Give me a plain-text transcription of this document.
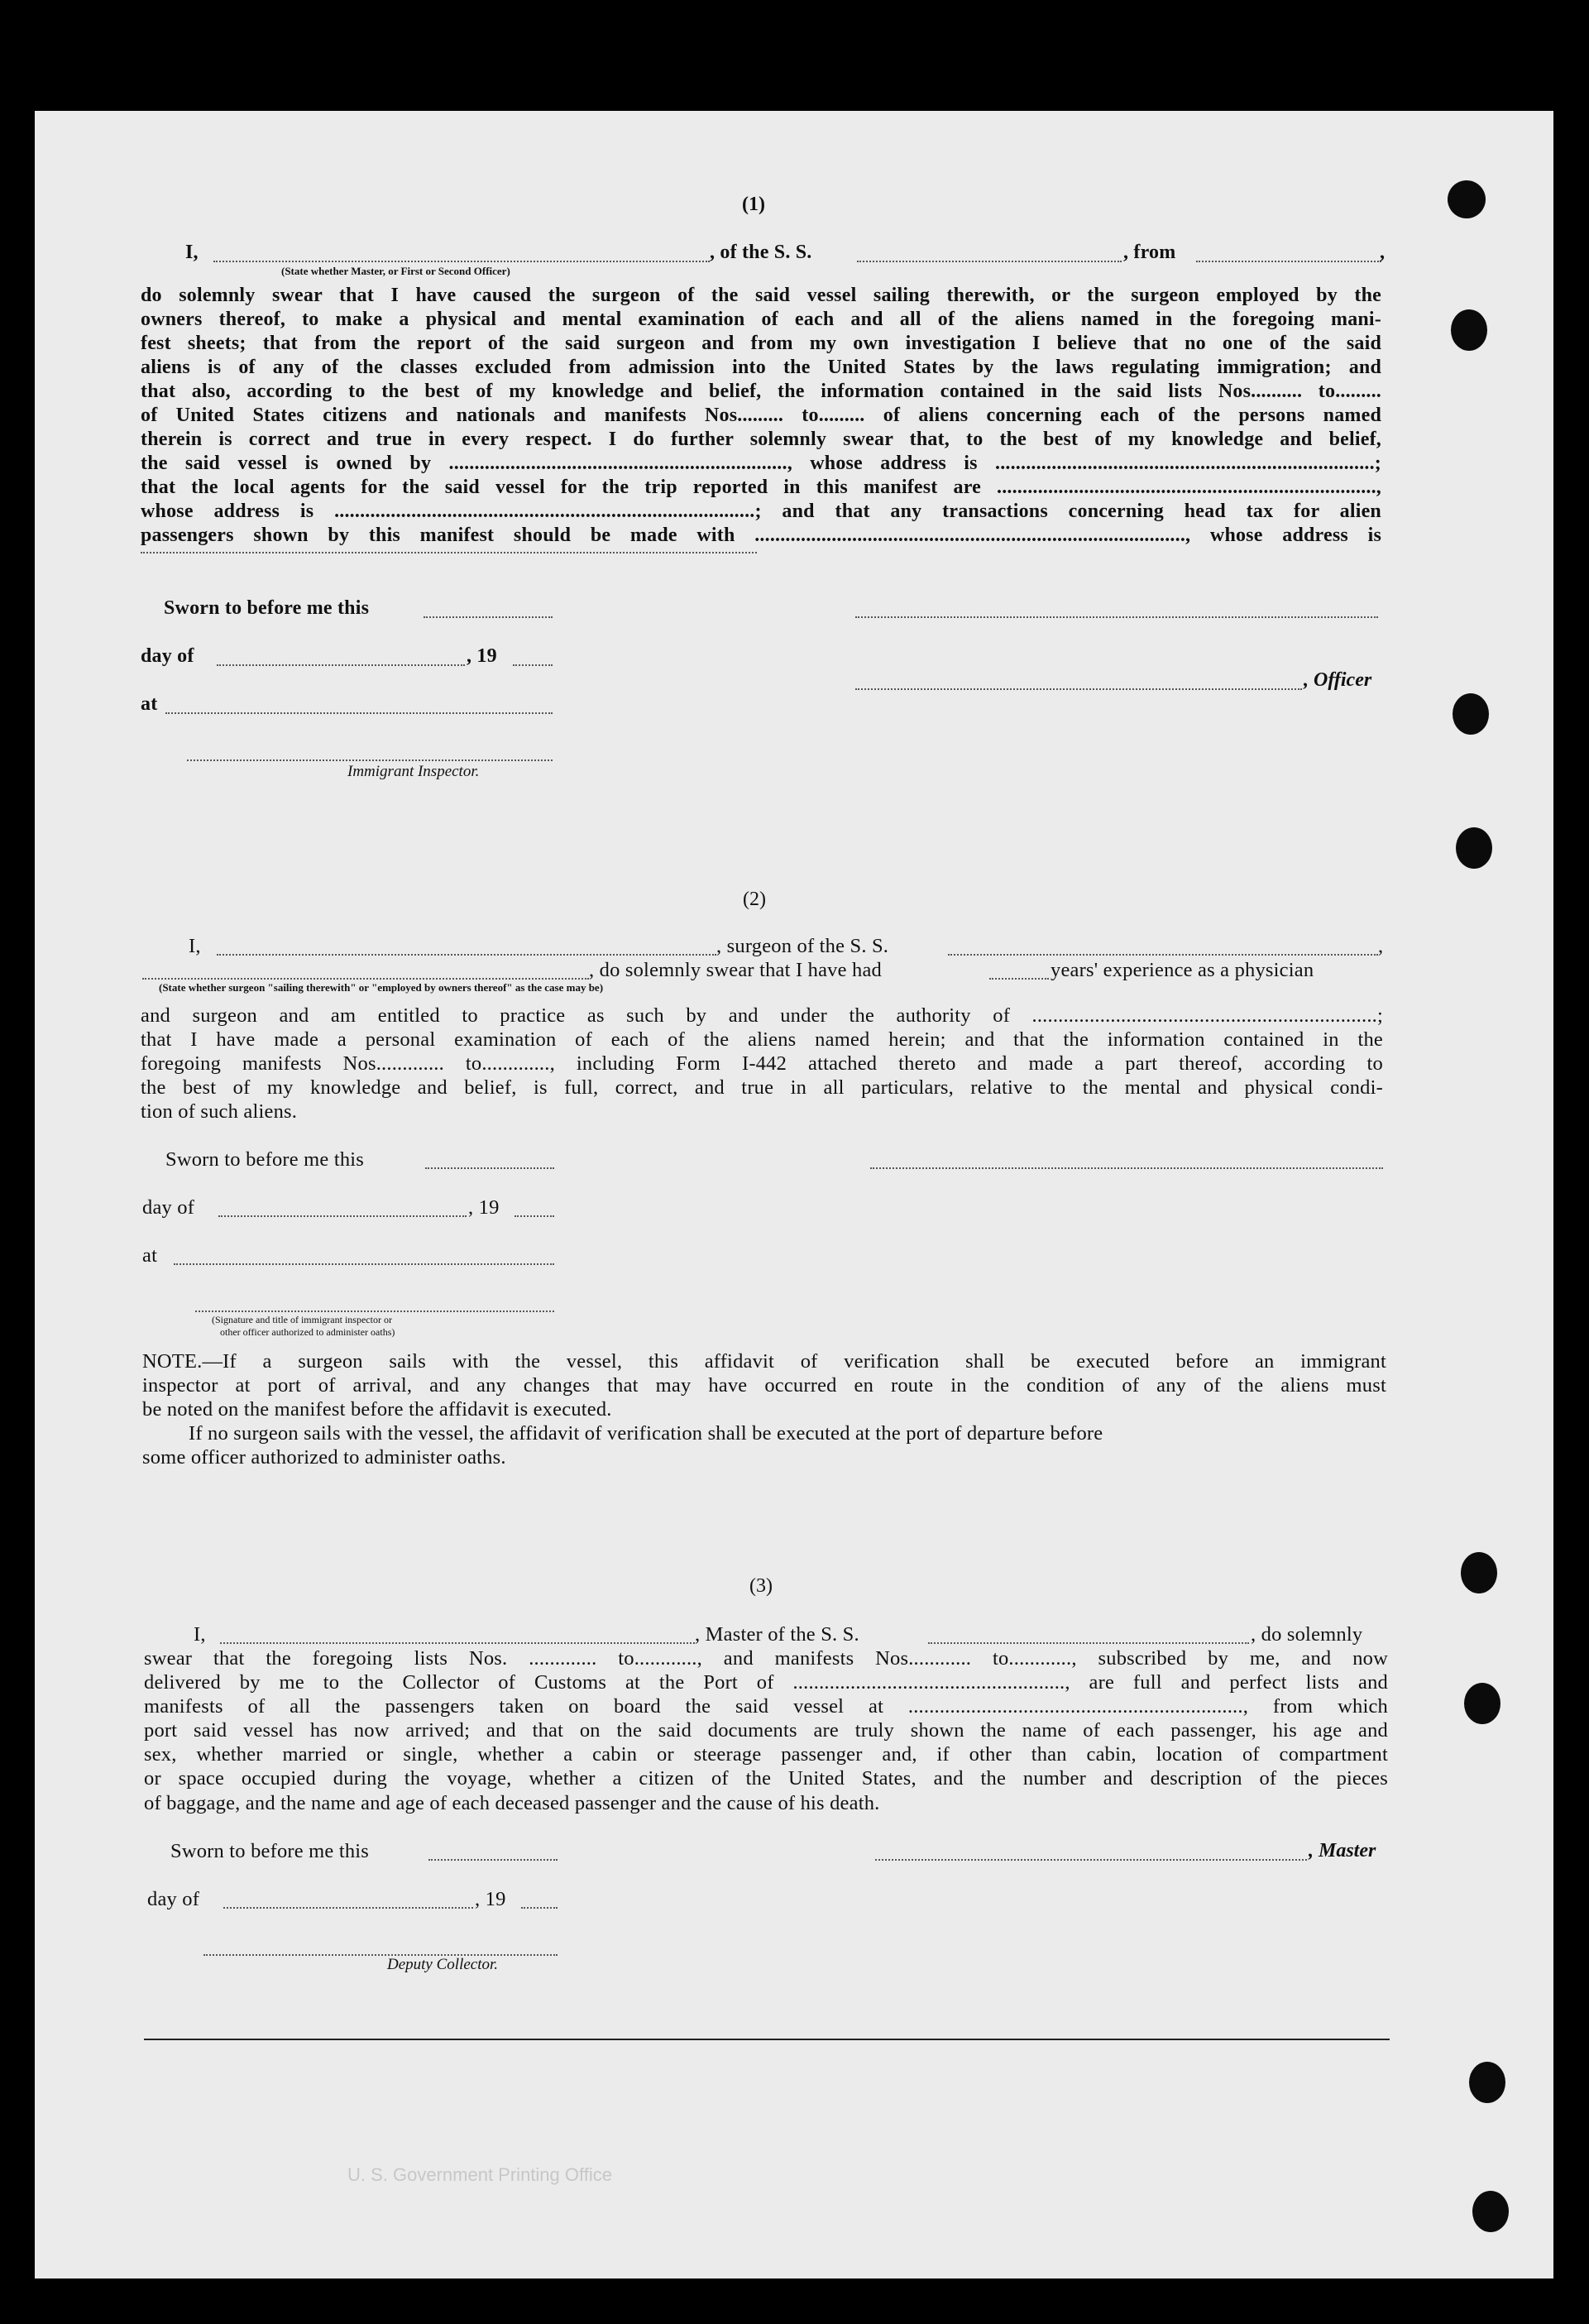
(1)
I,	, of the S. S.	, from	,
(State whether Master, or First or Second Officer)
do solemnly swear that I have caused the surgeon of the said vessel sailing therewith, or the surgeon employed by the
owners thereof, to make a physical and mental examination of each and all of the aliens named in the foregoing mani-
fest sheets; that from the report of the said surgeon and from my own investigation I believe that no one of the said
aliens is of any of the classes excluded from admission into the United States by the laws regulating immigration; and
that also, according to the best of my knowledge and belief, the information contained in the said lists Nos.......... to.........
of United States citizens and nationals and manifests Nos......... to......... of aliens concerning each of the persons named
therein is correct and true in every respect. I do further solemnly swear that, to the best of my knowledge and belief,
the said vessel is owned by .................................................................., whose address is ..........................................................................;
that the local agents for the said vessel for the trip reported in this manifest are ..........................................................................,
whose address is ..................................................................................; and that any transactions concerning head tax for alien
passengers shown by this manifest should be made with ...................................................................................., whose address is
Sworn to before me this
day of	, 19
, Officer
at
Immigrant Inspector.
(2)
I,	, surgeon of the S. S.	,
, do solemnly swear that I have had	years' experience as a physician
(State whether surgeon "sailing therewith" or "employed by owners thereof" as the case may be)
and surgeon and am entitled to practice as such by and under the authority of ..................................................................;
that I have made a personal examination of each of the aliens named herein; and that the information contained in the
foregoing manifests Nos............. to............., including Form I-442 attached thereto and made a part thereof, according to
the best of my knowledge and belief, is full, correct, and true in all particulars, relative to the mental and physical condi-
tion of such aliens.
Sworn to before me this
day of	, 19
at
(Signature and title of immigrant inspector or
other officer authorized to administer oaths)
NOTE.—If a surgeon sails with the vessel, this affidavit of verification shall be executed before an immigrant
inspector at port of arrival, and any changes that may have occurred en route in the condition of any of the aliens must
be noted on the manifest before the affidavit is executed.
If no surgeon sails with the vessel, the affidavit of verification shall be executed at the port of departure before
some officer authorized to administer oaths.
(3)
I,	, Master of the S. S.	, do solemnly
swear that the foregoing lists Nos. ............. to............, and manifests Nos............ to............, subscribed by me, and now
delivered by me to the Collector of Customs at the Port of ...................................................., are full and perfect lists and
manifests of all the passengers taken on board the said vessel at ................................................................, from which
port said vessel has now arrived; and that on the said documents are truly shown the name of each passenger, his age and
sex, whether married or single, whether a cabin or steerage passenger and, if other than cabin, location of compartment
or space occupied during the voyage, whether a citizen of the United States, and the number and description of the pieces
of baggage, and the name and age of each deceased passenger and the cause of his death.
Sworn to before me this	, Master
day of	, 19
Deputy Collector.
U. S. Government Printing Office
